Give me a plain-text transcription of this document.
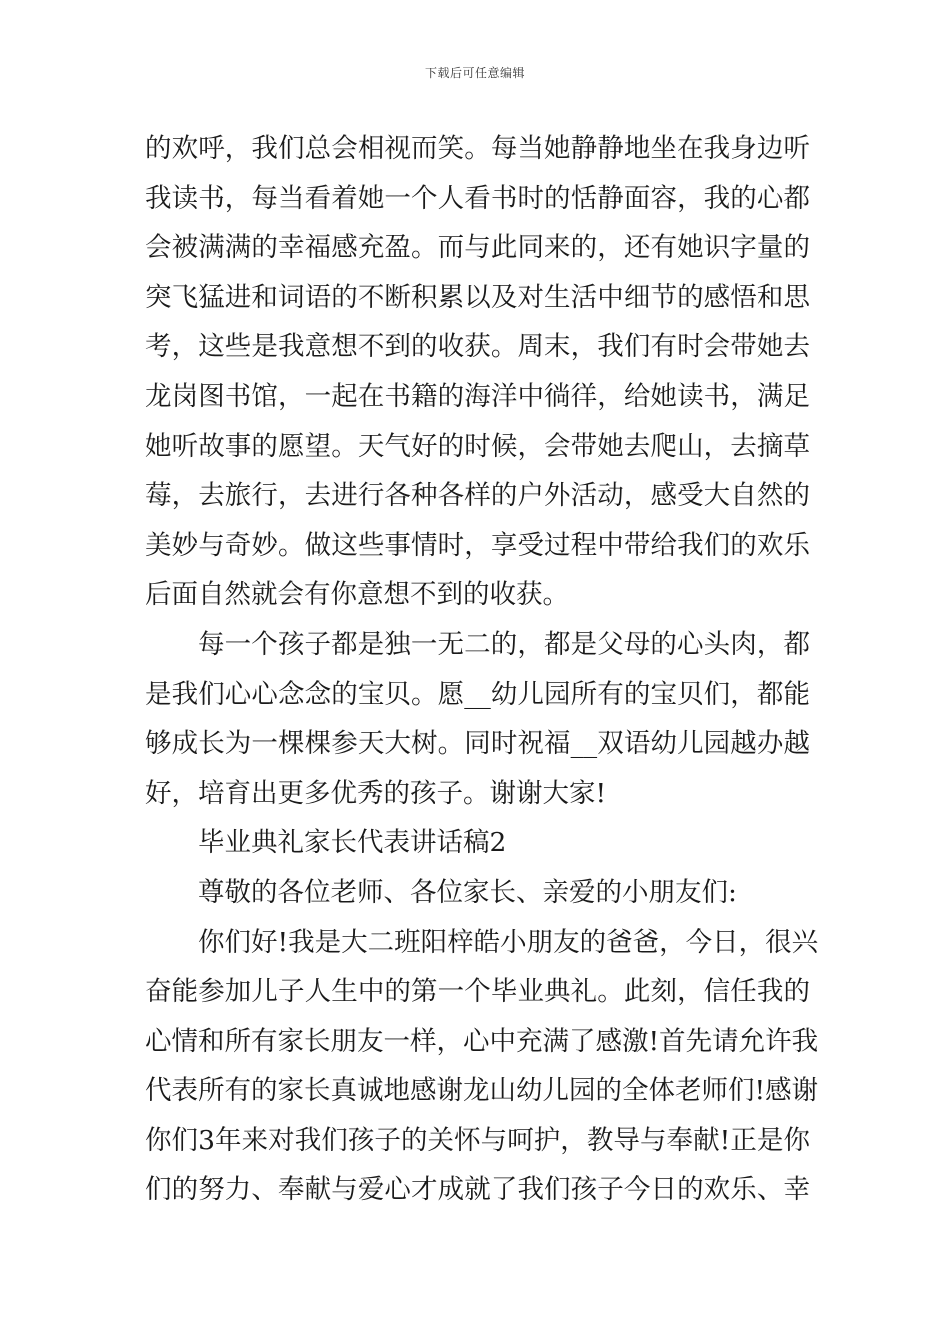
下载后可任意编辑
的欢呼，我们总会相视而笑。每当她静静地坐在我身边听
我读书，每当看着她一个人看书时的恬静面容，我的心都
会被满满的幸福感充盈。而与此同来的，还有她识字量的
突飞猛进和词语的不断积累以及对生活中细节的感悟和思
考，这些是我意想不到的收获。周末，我们有时会带她去
龙岗图书馆，一起在书籍的海洋中徜徉，给她读书，满足
她听故事的愿望。天气好的时候，会带她去爬山，去摘草
莓，去旅行，去进行各种各样的户外活动，感受大自然的
美妙与奇妙。做这些事情时，享受过程中带给我们的欢乐
后面自然就会有你意想不到的收获。
每一个孩子都是独一无二的，都是父母的心头肉，都
是我们心心念念的宝贝。愿__幼儿园所有的宝贝们，都能
够成长为一棵棵参天大树。同时祝福__双语幼儿园越办越
好，培育出更多优秀的孩子。谢谢大家!
毕业典礼家长代表讲话稿2
尊敬的各位老师、各位家长、亲爱的小朋友们:
你们好!我是大二班阳梓皓小朋友的爸爸，今日，很兴
奋能参加儿子人生中的第一个毕业典礼。此刻，信任我的
心情和所有家长朋友一样，心中充满了感激!首先请允许我
代表所有的家长真诚地感谢龙山幼儿园的全体老师们!感谢
你们3年来对我们孩子的关怀与呵护，教导与奉献!正是你
们的努力、奉献与爱心才成就了我们孩子今日的欢乐、幸
